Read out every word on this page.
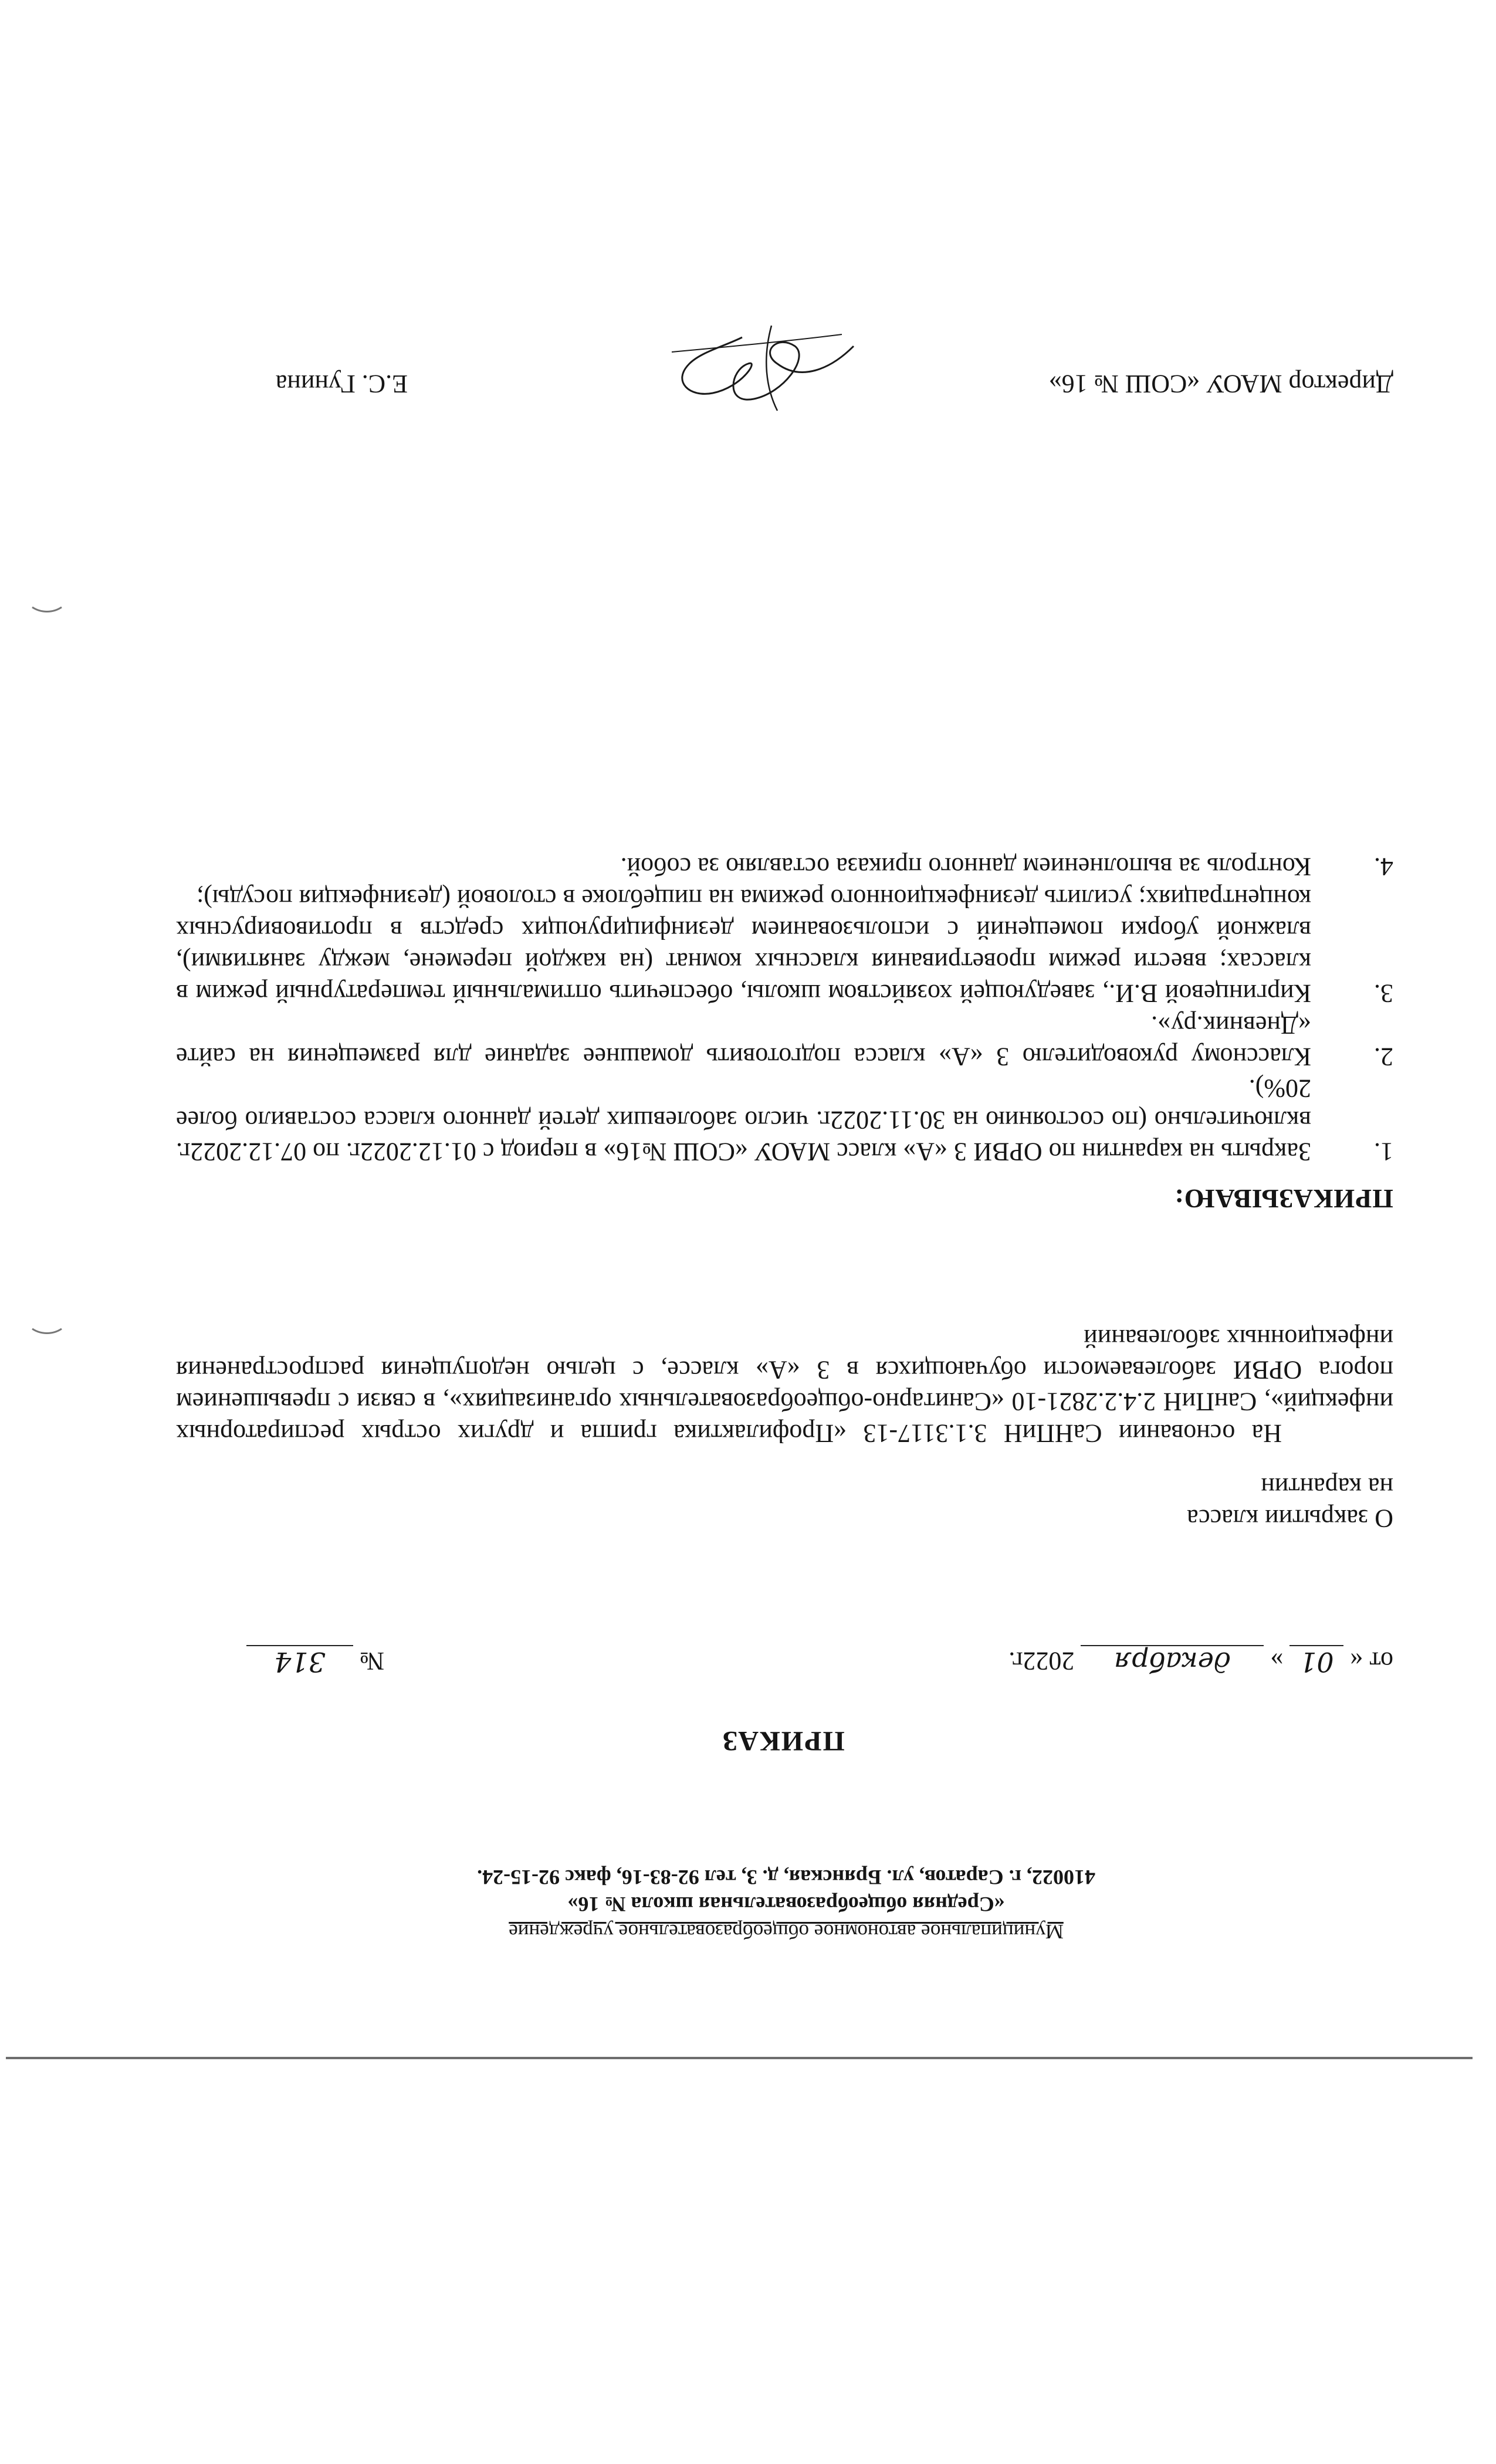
Муниципальное автономное общеобразовательное учреждение
«Средняя общеобразовательная школа № 16»
410022, г. Саратов, ул. Брянская, д. 3, тел 92-83-16, факс 92-15-24.
ПРИКАЗ
от « 01 » декабря 2022г.
№ 314
О закрытии класса
на карантин

На основании СаНПиН 3.1.3117-13 «Профилактика гриппа и других острых респираторных инфекций», СанПиН 2.4.2.2821-10 «Санитарно-общеобразовательных организациях», в связи с превышением порога ОРВИ заболеваемости обучающихся в 3 «А» классе, с целью недопущения распространения инфекционных заболеваний

ПРИКАЗЫВАЮ:
1.
Закрыть на карантин по ОРВИ 3 «А» класс МАОУ «СОШ №16» в период с 01.12.2022г. по 07.12.2022г. включительно (по состоянию на 30.11.2022г. число заболевших детей данного класса составило более 20%).
2.
Классному руководителю 3 «А» класса подготовить домашнее задание для размещения на сайте «Дневник.ру».
3.
Киргинцевой В.И., заведующей хозяйством школы, обеспечить оптимальный температурный режим в классах; ввести режим проветривания классных комнат (на каждой перемене, между занятиями), влажной уборки помещений с использованием дезинфицирующих средств в противовирусных концентрациях; усилить дезинфекционного режима на пищеблоке в столовой (дезинфекция посуды);
4.
Контроль за выполнением данного приказа оставляю за собой.
Директор МАОУ «СОШ № 16»
Е.С. Гунина
